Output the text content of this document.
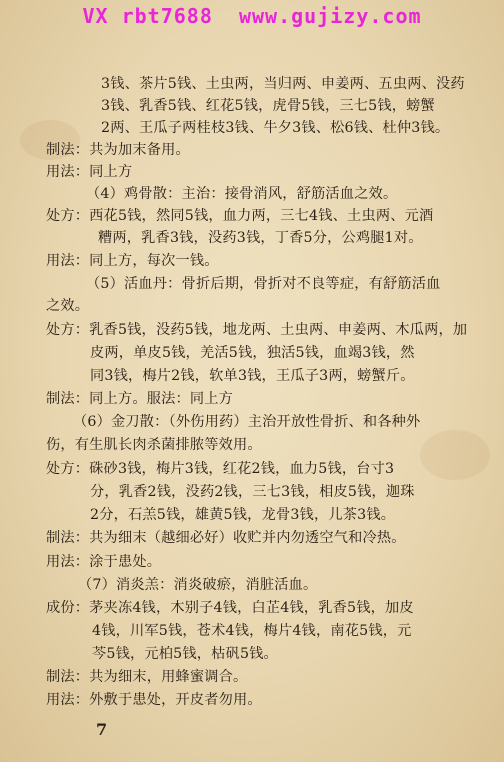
VX rbt7688  www.gujizy.com
3钱、茶片5钱、土虫两，当归两、申姜两、五虫两、没药
3钱、乳香5钱、红花5钱，虎骨5钱，三七5钱，螃蟹
2两、王瓜子两桂枝3钱、牛夕3钱、松6钱、杜仲3钱。
制法：共为加末备用。
用法：同上方
（4）鸡骨散：主治：接骨消风，舒筋活血之效。
处方：西花5钱，然同5钱，血力两，三七4钱、土虫两、元酒
糟两，乳香3钱，没药3钱，丁香5分，公鸡腿1对。
用法：同上方，每次一钱。
（5）活血丹：骨折后期，骨折对不良等症，有舒筋活血
之效。
处方：乳香5钱，没药5钱，地龙两、土虫两、申姜两、木瓜两，加
皮两，单皮5钱，羌活5钱，独活5钱，血竭3钱，然
同3钱，梅片2钱，软单3钱，王瓜子3两，螃蟹斤。
制法：同上方。服法：同上方
（6）金刀散：（外伤用药）主治开放性骨折、和各种外
伤，有生肌长肉杀菌排脓等效用。
处方：硃砂3钱，梅片3钱，红花2钱，血力5钱，台寸3
分，乳香2钱，没药2钱，三七3钱，相皮5钱，迦珠
2分，石羔5钱，雄黄5钱，龙骨3钱，儿茶3钱。
制法：共为细末（越细必好）收贮并内勿透空气和冷热。
用法：涂于患处。
（7）消炎羔：消炎破瘀，消脏活血。
成份：茅夹冻4钱，木别子4钱，白芷4钱，乳香5钱，加皮
4钱，川军5钱，苍术4钱，梅片4钱，南花5钱，元
芩5钱，元柏5钱，枯矾5钱。
制法：共为细末，用蜂蜜调合。
用法：外敷于患处，开皮者勿用。
7
